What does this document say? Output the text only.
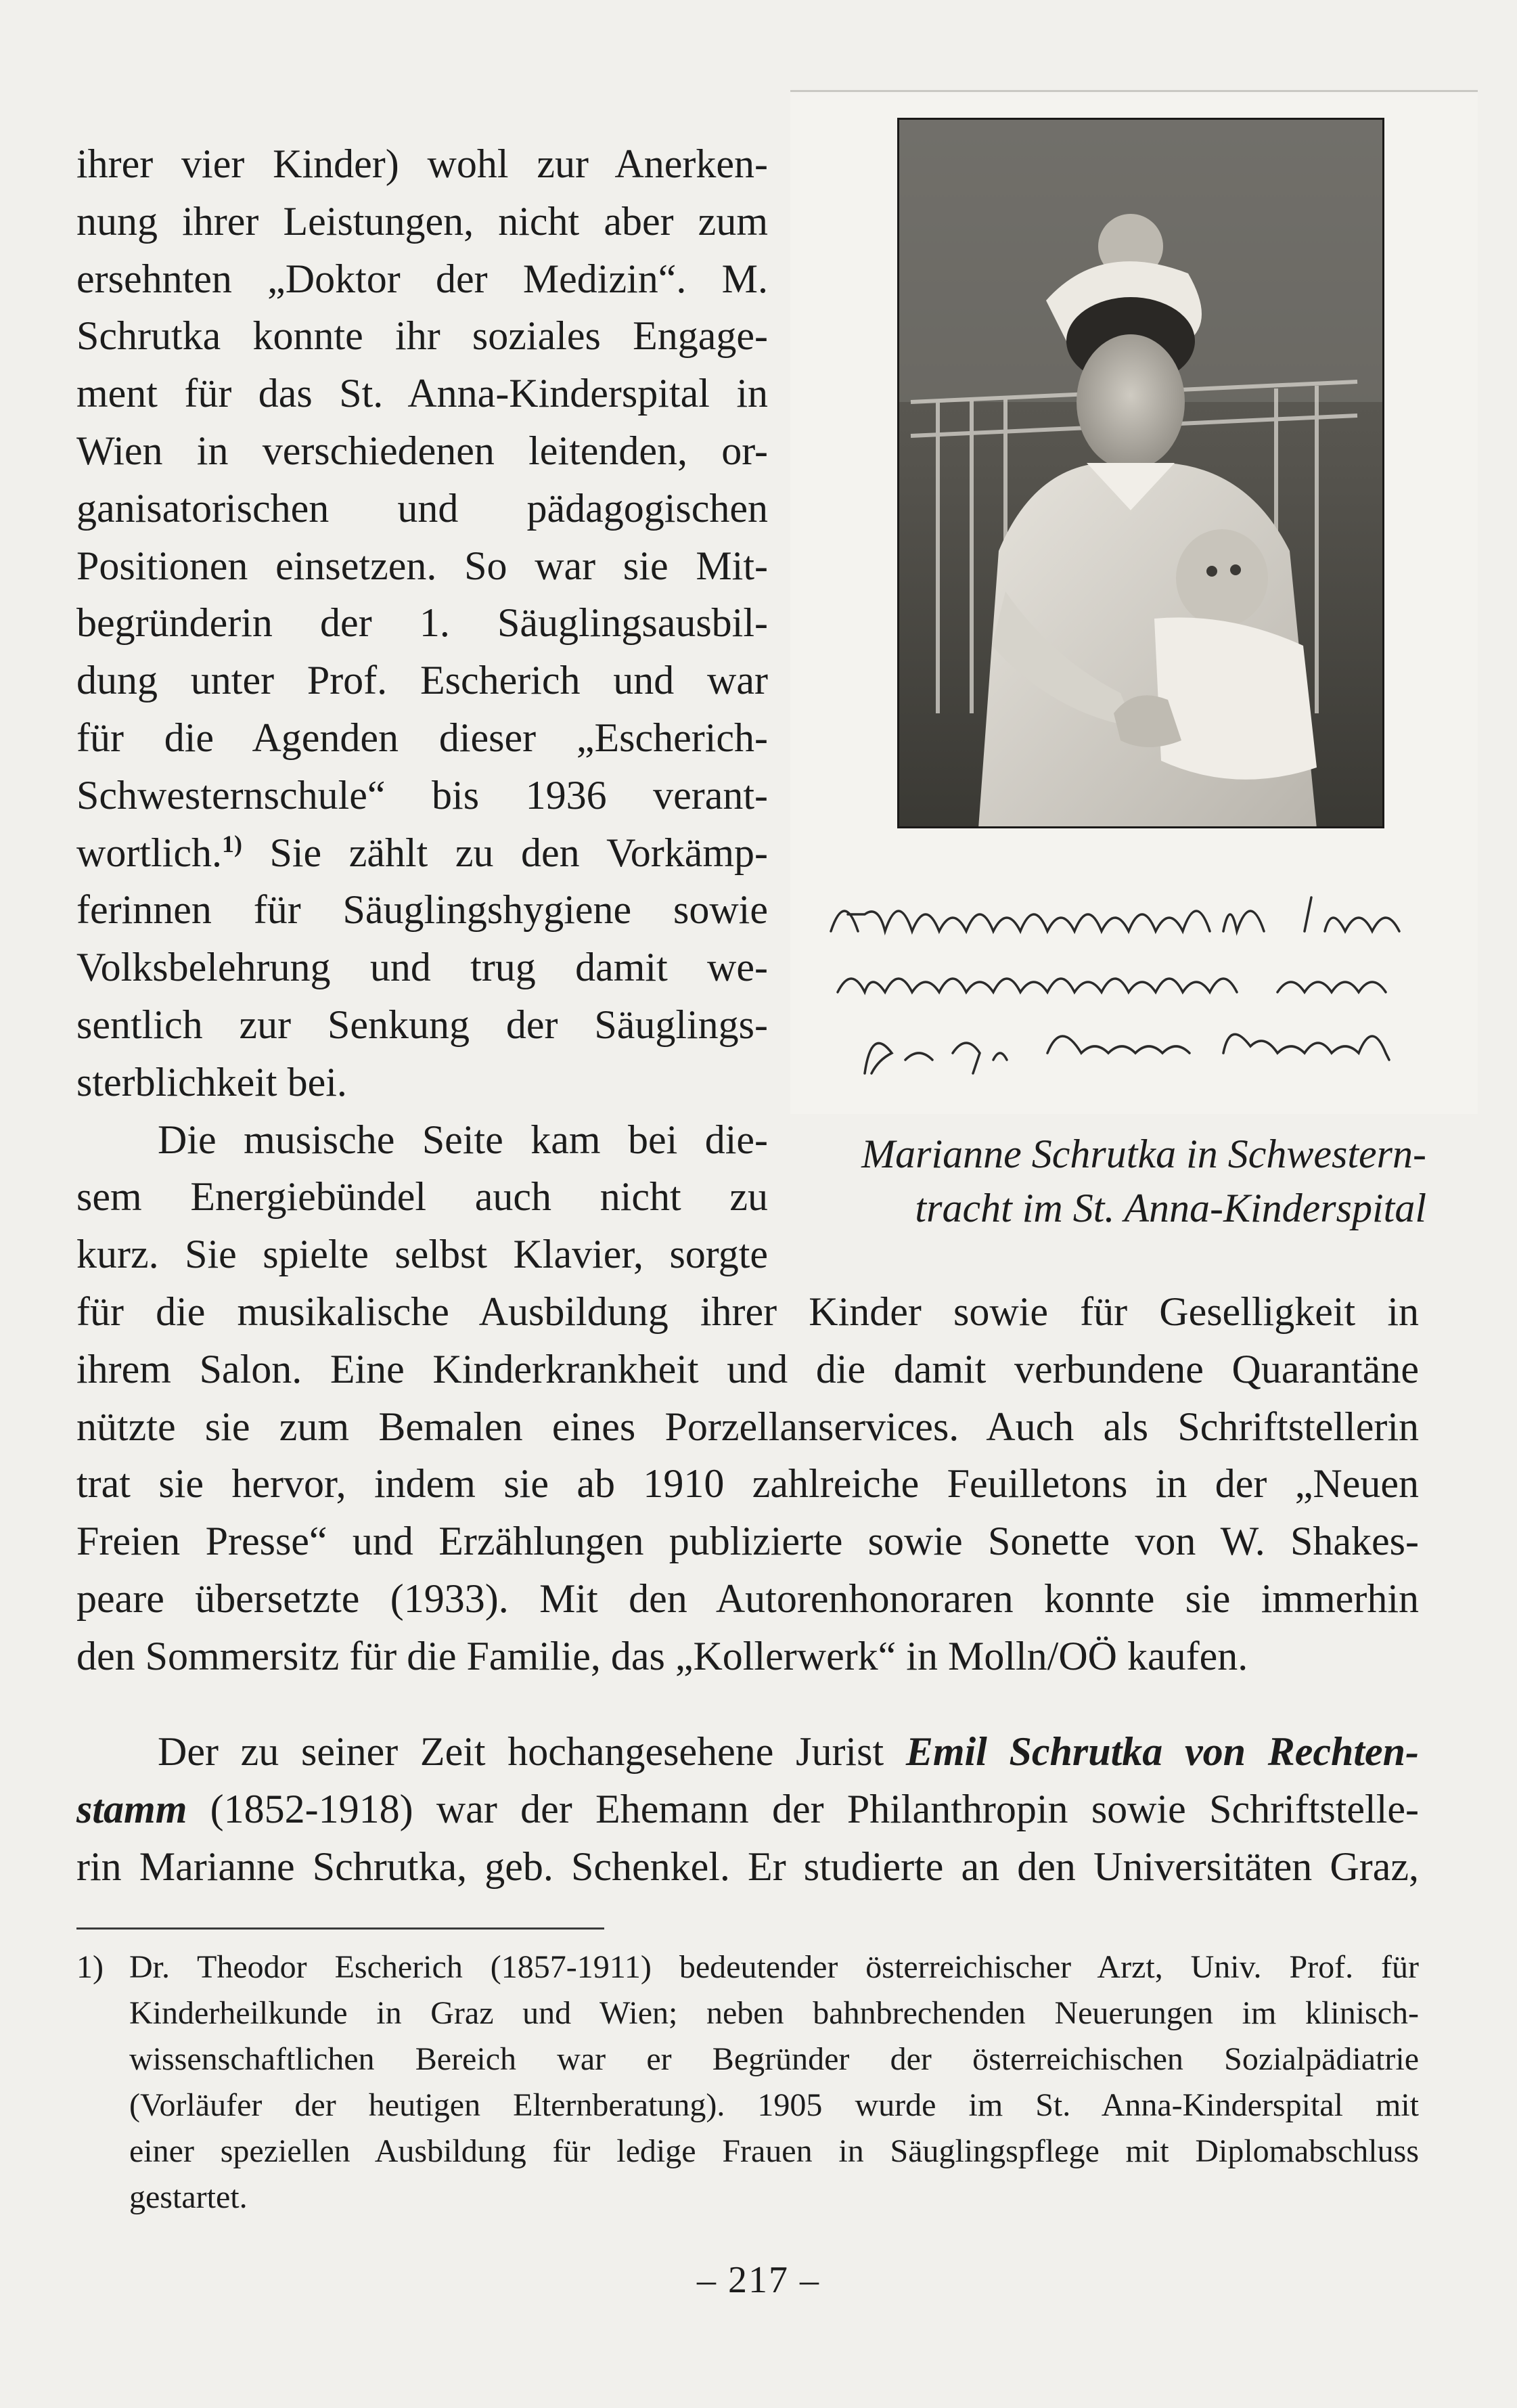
ihrer vier Kinder) wohl zur Anerken-
nung ihrer Leistungen, nicht aber zum
ersehnten „Doktor der Medizin“. M.
Schrutka konnte ihr soziales Engage-
ment für das St. Anna-Kinderspital in
Wien in verschiedenen leitenden, or-
ganisatorischen und pädagogischen
Positionen einsetzen. So war sie Mit-
begründerin der 1. Säuglingsausbil-
dung unter Prof. Escherich und war
für die Agenden dieser „Escherich-
Schwesternschule“ bis 1936 verant-
wortlich.$^{1)}$ Sie zählt zu den Vorkämp-
ferinnen für Säuglingshygiene sowie
Volksbelehrung und trug damit we-
sentlich zur Senkung der Säuglings-
sterblichkeit bei.
Die musische Seite kam bei die-
sem Energiebündel auch nicht zu
kurz. Sie spielte selbst Klavier, sorgte
Marianne Schrutka in Schwestern-
tracht im St. Anna-Kinderspital
für die musikalische Ausbildung ihrer Kinder sowie für Geselligkeit in
ihrem Salon. Eine Kinderkrankheit und die damit verbundene Quarantäne
nützte sie zum Bemalen eines Porzellanservices. Auch als Schriftstellerin
trat sie hervor, indem sie ab 1910 zahlreiche Feuilletons in der „Neuen
Freien Presse“ und Erzählungen publizierte sowie Sonette von W. Shakes-
peare übersetzte (1933). Mit den Autorenhonoraren konnte sie immerhin
den Sommersitz für die Familie, das „Kollerwerk“ in Molln/OÖ kaufen.
Der zu seiner Zeit hochangesehene Jurist Emil Schrutka von Rechten-
stamm (1852-1918) war der Ehemann der Philanthropin sowie Schriftstelle-
rin Marianne Schrutka, geb. Schenkel. Er studierte an den Universitäten Graz,
1) Dr. Theodor Escherich (1857-1911) bedeutender österreichischer Arzt, Univ. Prof. für
Kinderheilkunde in Graz und Wien; neben bahnbrechenden Neuerungen im klinisch-
wissenschaftlichen Bereich war er Begründer der österreichischen Sozialpädiatrie
(Vorläufer der heutigen Elternberatung). 1905 wurde im St. Anna-Kinderspital mit
einer speziellen Ausbildung für ledige Frauen in Säuglingspflege mit Diplomabschluss
gestartet.
– 217 –
